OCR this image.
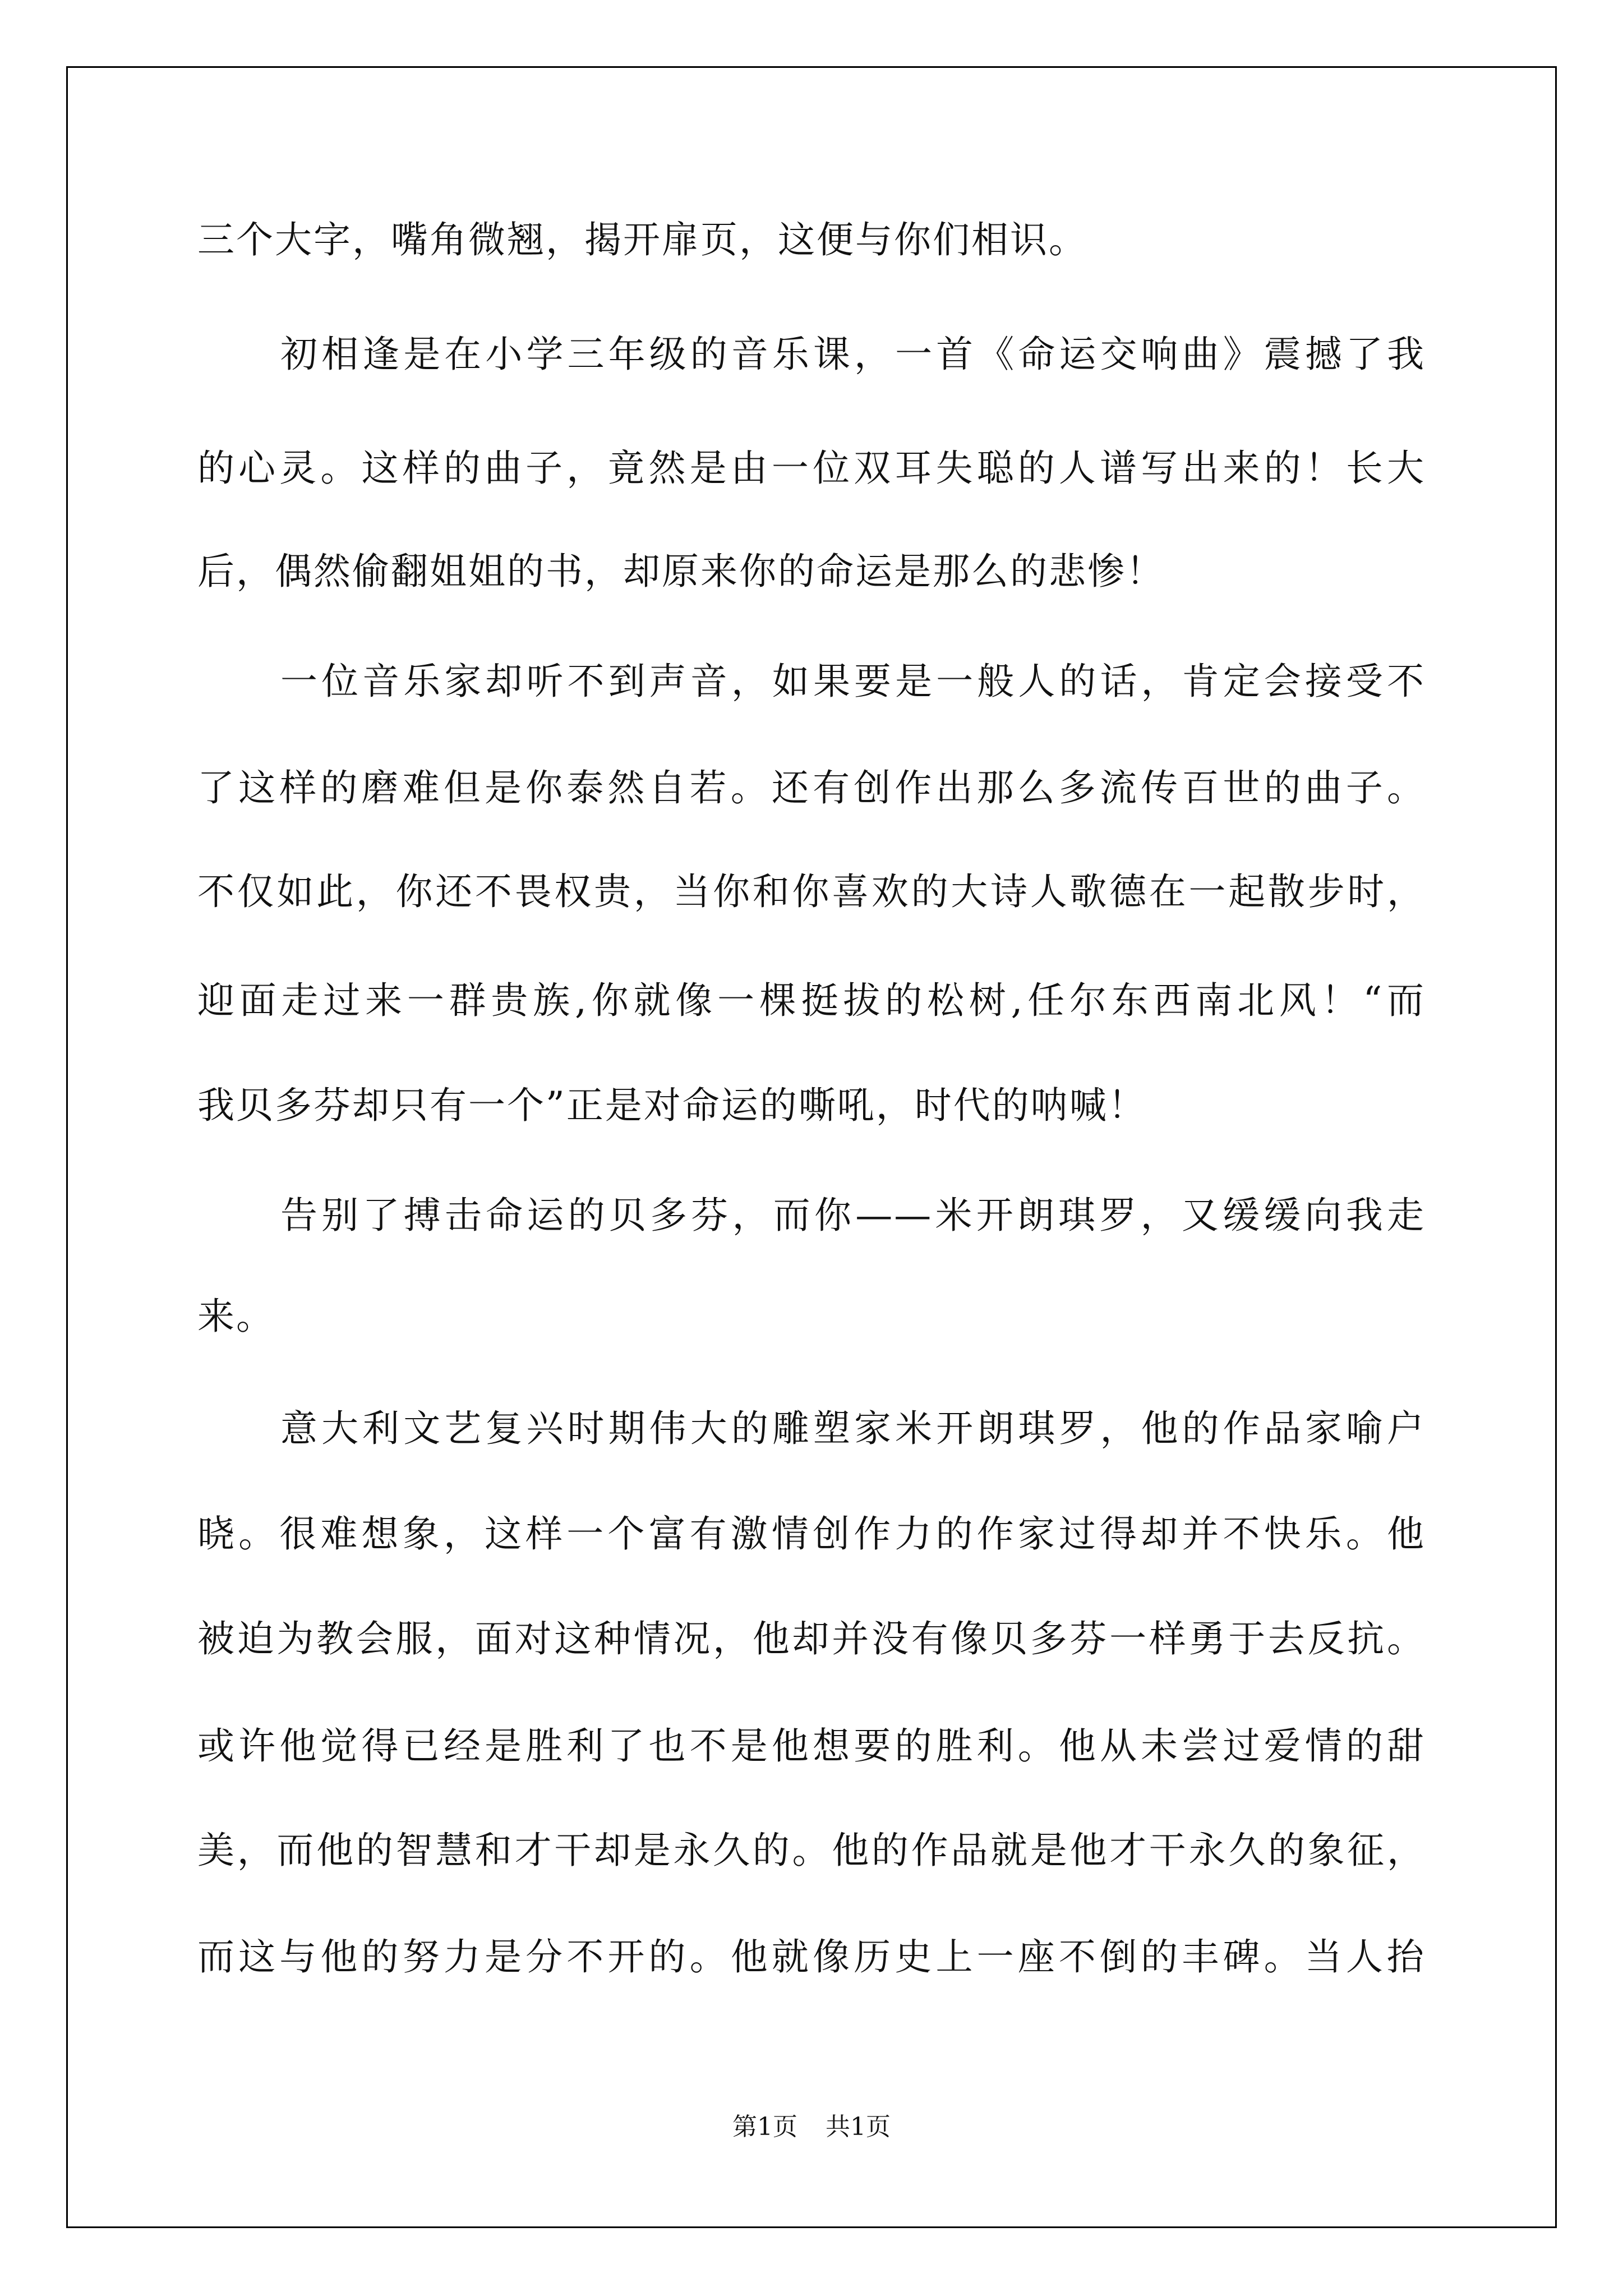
三个大字，嘴角微翘，揭开扉页，这便与你们相识。
初相逢是在小学三年级的音乐课，一首《命运交响曲》震撼了我
的心灵。这样的曲子，竟然是由一位双耳失聪的人谱写出来的！长大
后，偶然偷翻姐姐的书，却原来你的命运是那么的悲惨！
一位音乐家却听不到声音，如果要是一般人的话，肯定会接受不
了这样的磨难但是你泰然自若。还有创作出那么多流传百世的曲子。
不仅如此，你还不畏权贵，当你和你喜欢的大诗人歌德在一起散步时，
迎面走过来一群贵族,你就像一棵挺拔的松树,任尔东西南北风！“而
我贝多芬却只有一个”正是对命运的嘶吼，时代的呐喊！
告别了搏击命运的贝多芬，而你——米开朗琪罗，又缓缓向我走
来。
意大利文艺复兴时期伟大的雕塑家米开朗琪罗，他的作品家喻户
晓。很难想象，这样一个富有激情创作力的作家过得却并不快乐。他
被迫为教会服，面对这种情况，他却并没有像贝多芬一样勇于去反抗。
或许他觉得已经是胜利了也不是他想要的胜利。他从未尝过爱情的甜
美，而他的智慧和才干却是永久的。他的作品就是他才干永久的象征，
而这与他的努力是分不开的。他就像历史上一座不倒的丰碑。当人抬
第1页 共1页
